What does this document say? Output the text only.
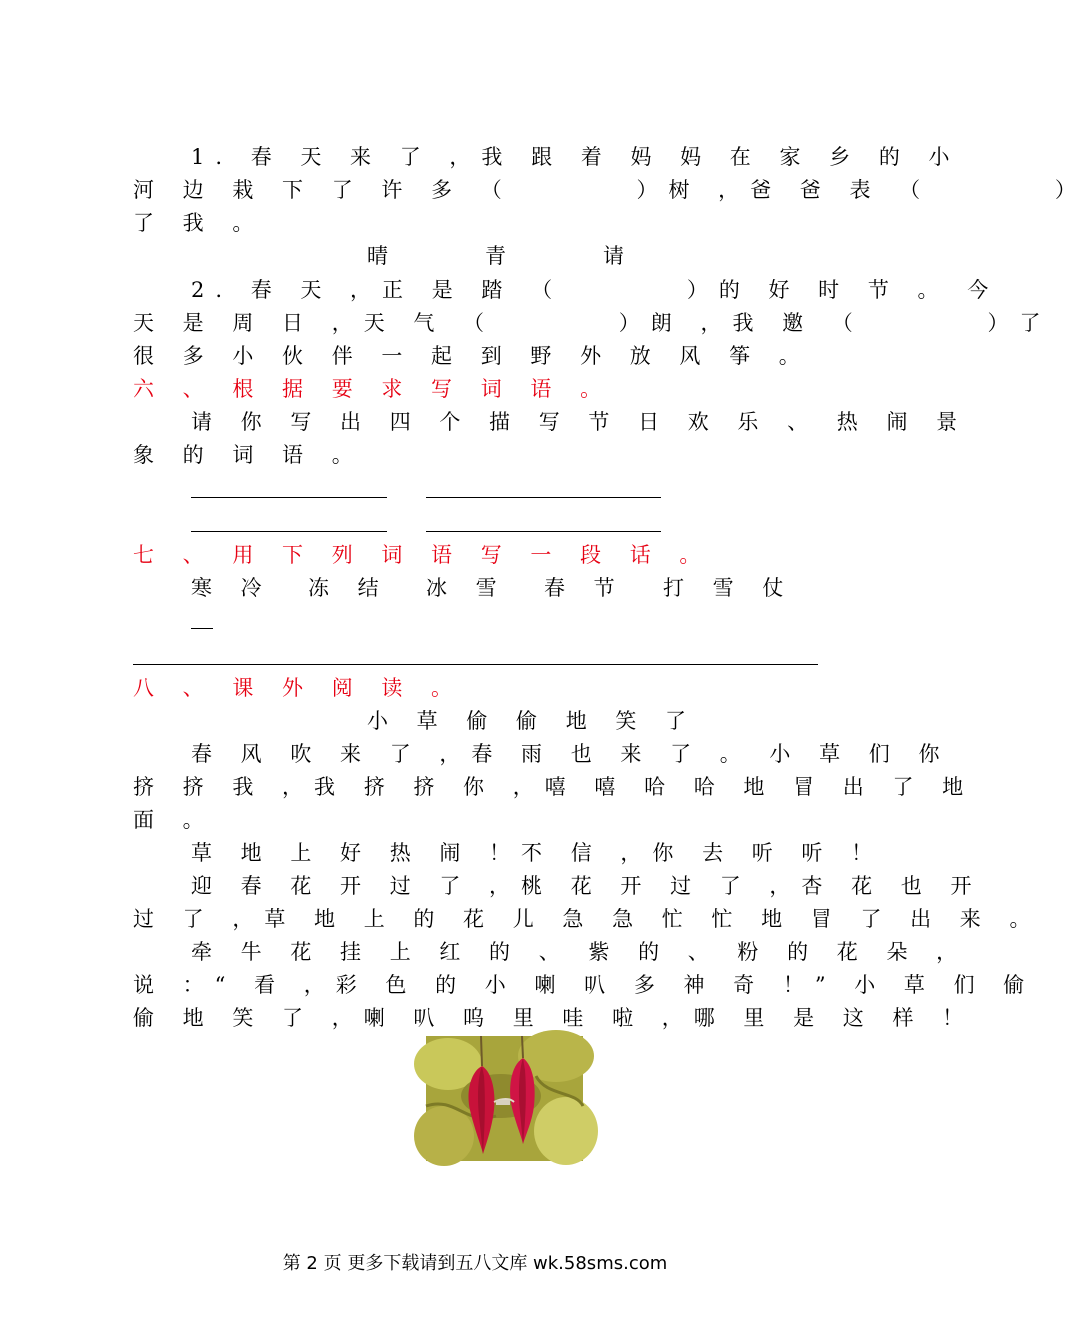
1. 春 天 来 了 ，我 跟 着 妈 妈 在 家 乡 的 小
河 边 栽 下 了 许 多 （       ）树 ，爸 爸 表 （       ）
了 我 。
晴	青	请
2. 春 天 ，正 是 踏 （       ）的 好 时 节 。 今
天 是 周 日 ，天 气 （       ）朗 ，我 邀 （       ）了
很 多 小 伙 伴 一 起 到 野 外 放 风 筝 。
六 、 根 据 要 求 写 词 语 。
请 你 写 出 四 个 描 写 节 日 欢 乐 、 热 闹 景
象 的 词 语 。
七 、 用 下 列 词 语 写 一 段 话 。
寒 冷 冻 结 冰 雪 春 节 打 雪 仗
八 、 课 外 阅 读 。
小 草 偷 偷 地 笑 了
春 风 吹 来 了 ，春 雨 也 来 了 。 小 草 们 你
挤 挤 我 ，我 挤 挤 你 ，嘻 嘻 哈 哈 地 冒 出 了 地
面 。
草 地 上 好 热 闹 ！不 信 ，你 去 听 听 ！
迎 春 花 开 过 了 ，桃 花 开 过 了 ，杏 花 也 开
过 了 ，草 地 上 的 花 儿 急 急 忙 忙 地 冒 了 出 来 。
牵 牛 花 挂 上 红 的 、 紫 的 、 粉 的 花 朵 ，
说 ：“ 看 ，彩 色 的 小 喇 叭 多 神 奇 ！” 小 草 们 偷
偷 地 笑 了 ，喇 叭 呜 里 哇 啦 ，哪 里 是 这 样 ！
第 2 页 更多下载请到五八文库 wk.58sms.com
